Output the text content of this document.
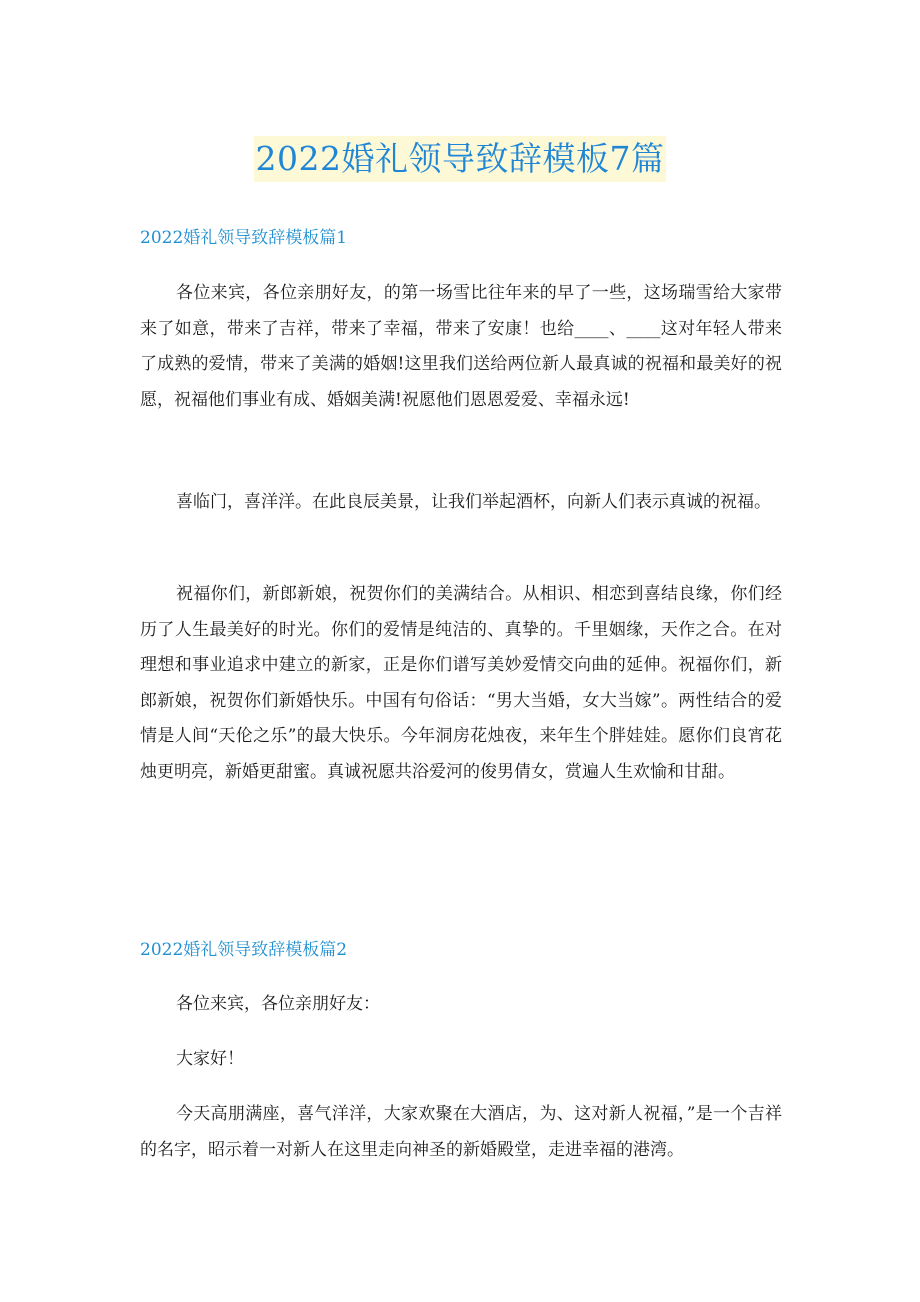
2022婚礼领导致辞模板7篇
2022婚礼领导致辞模板篇1

各位来宾，各位亲朋好友，的第一场雪比往年来的早了一些，这场瑞雪给大家带来了如意，带来了吉祥，带来了幸福，带来了安康！也给____、____这对年轻人带来了成熟的爱情，带来了美满的婚姻!这里我们送给两位新人最真诚的祝福和最美好的祝愿，祝福他们事业有成、婚姻美满!祝愿他们恩恩爱爱、幸福永远!

喜临门，喜洋洋。在此良辰美景，让我们举起酒杯，向新人们表示真诚的祝福。

祝福你们，新郎新娘，祝贺你们的美满结合。从相识、相恋到喜结良缘，你们经历了人生最美好的时光。你们的爱情是纯洁的、真挚的。千里姻缘，天作之合。在对理想和事业追求中建立的新家，正是你们谱写美妙爱情交向曲的延伸。祝福你们，新郎新娘，祝贺你们新婚快乐。中国有句俗话：“男大当婚，女大当嫁”。两性结合的爱情是人间“天伦之乐”的最大快乐。今年洞房花烛夜，来年生个胖娃娃。愿你们良宵花烛更明亮，新婚更甜蜜。真诚祝愿共浴爱河的俊男倩女，赏遍人生欢愉和甘甜。

2022婚礼领导致辞模板篇2

各位来宾，各位亲朋好友：

大家好！

今天高朋满座，喜气洋洋，大家欢聚在大酒店，为、这对新人祝福，”是一个吉祥的名字，昭示着一对新人在这里走向神圣的新婚殿堂，走进幸福的港湾。
